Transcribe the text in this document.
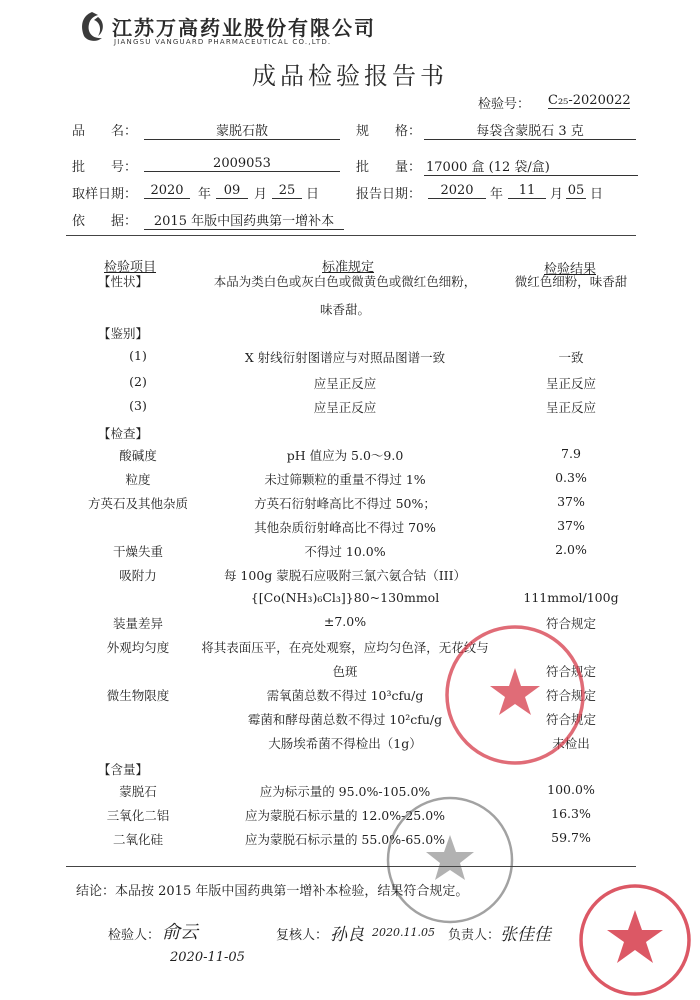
江苏万高药业股份有限公司
JIANGSU VANGUARD PHARMACEUTICAL CO.,LTD.
成品检验报告书
检验号： C₂₅-2020022
品　　名：	蒙脱石散	规　　格：	每袋含蒙脱石 3 克
批　　号：	2009053	批　　量： 17000 盒 (12 袋/盒)
取样日期：	2020	年 09	月 25 日	报告日期：	2020	年	11	月 05 日
依　　据：	2015 年版中国药典第一增补本
检验项目	标准规定	检验结果
【性状】	本品为类白色或灰白色或微黄色或微红色细粉，	微红色细粉，味香甜
味香甜。
【鉴别】
(1)	X 射线衍射图谱应与对照品图谱一致	一致
(2)	应呈正反应	呈正反应
(3)	应呈正反应	呈正反应
【检查】
酸碱度	pH 值应为 5.0～9.0	7.9
粒度	未过筛颗粒的重量不得过 1%	0.3%
方英石及其他杂质	方英石衍射峰高比不得过 50%；	37%
其他杂质衍射峰高比不得过 70%	37%
干燥失重	不得过 10.0%	2.0%
吸附力	每 100g 蒙脱石应吸附三氯六氨合钴（III）
{[Co(NH₃)₆Cl₃]}80~130mmol	111mmol/100g
装量差异	±7.0%	符合规定
外观均匀度	将其表面压平，在亮处观察，应均匀色泽，无花纹与
色斑	符合规定
微生物限度	需氧菌总数不得过 10³cfu/g	符合规定
霉菌和酵母菌总数不得过 10²cfu/g	符合规定
大肠埃希菌不得检出（1g）	未检出
【含量】
蒙脱石	应为标示量的 95.0%-105.0%	100.0%
三氧化二铝	应为蒙脱石标示量的 12.0%-25.0%	16.3%
二氧化硅	应为蒙脱石标示量的 55.0%-65.0%	59.7%
结论：本品按 2015 年版中国药典第一增补本检验，结果符合规定。
检验人： 俞云
2020-11-05
复核人： 孙良 2020.11.05 负责人： 张佳佳
